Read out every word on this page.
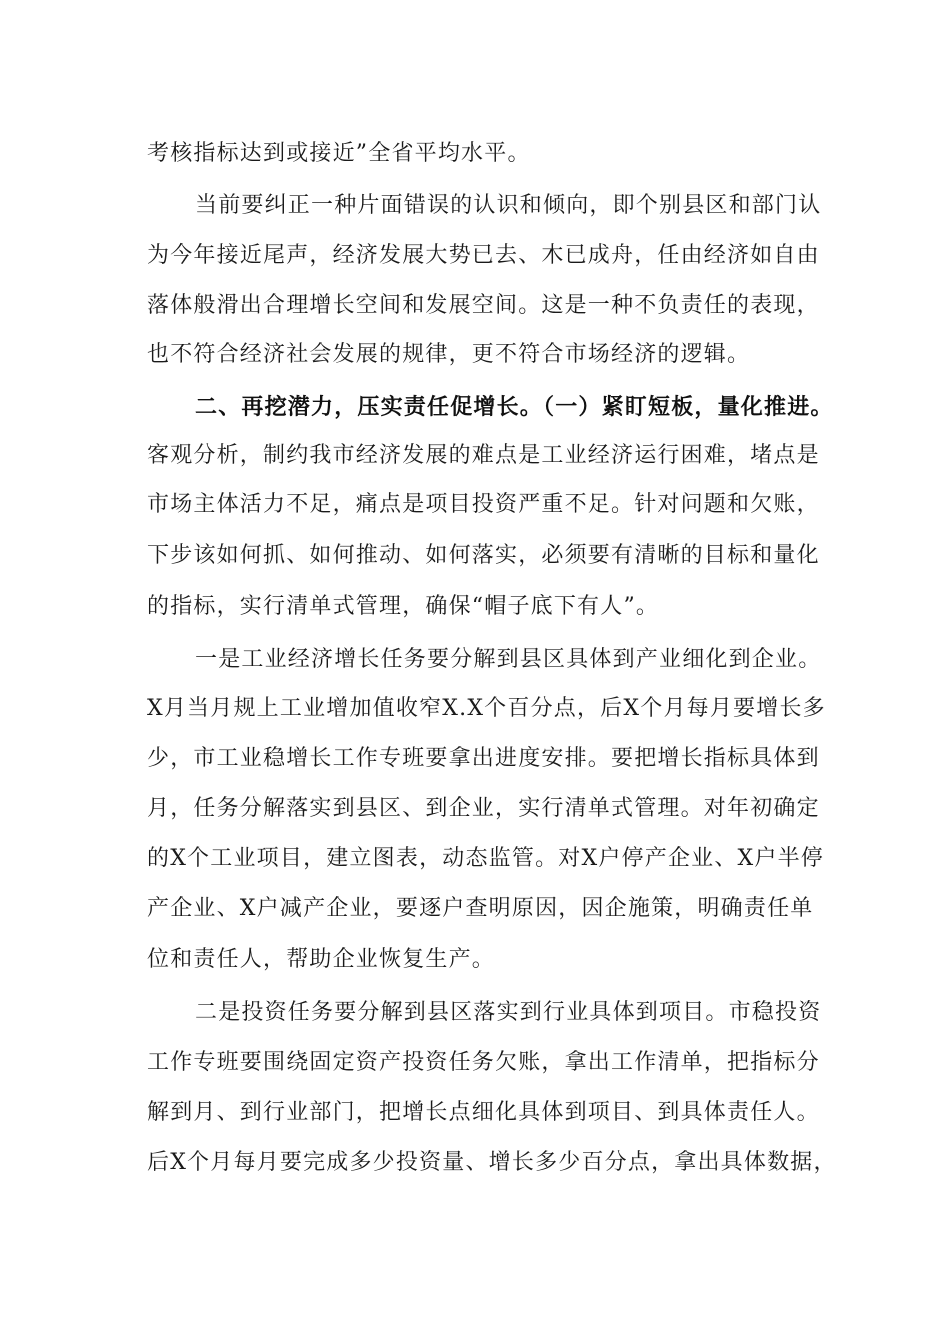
考核指标达到或接近”全省平均水平。
当前要纠正一种片面错误的认识和倾向，即个别县区和部门认
为今年接近尾声，经济发展大势已去、木已成舟，任由经济如自由
落体般滑出合理增长空间和发展空间。这是一种不负责任的表现，
也不符合经济社会发展的规律，更不符合市场经济的逻辑。
二、再挖潜力，压实责任促增长。（一）紧盯短板，量化推进。
客观分析，制约我市经济发展的难点是工业经济运行困难，堵点是
市场主体活力不足，痛点是项目投资严重不足。针对问题和欠账，
下步该如何抓、如何推动、如何落实，必须要有清晰的目标和量化
的指标，实行清单式管理，确保“帽子底下有人”。
一是工业经济增长任务要分解到县区具体到产业细化到企业。
X月当月规上工业增加值收窄X.X个百分点，后X个月每月要增长多
少，市工业稳增长工作专班要拿出进度安排。要把增长指标具体到
月，任务分解落实到县区、到企业，实行清单式管理。对年初确定
的X个工业项目，建立图表，动态监管。对X户停产企业、X户半停
产企业、X户减产企业，要逐户查明原因，因企施策，明确责任单
位和责任人，帮助企业恢复生产。
二是投资任务要分解到县区落实到行业具体到项目。市稳投资
工作专班要围绕固定资产投资任务欠账，拿出工作清单，把指标分
解到月、到行业部门，把增长点细化具体到项目、到具体责任人。
后X个月每月要完成多少投资量、增长多少百分点，拿出具体数据，
